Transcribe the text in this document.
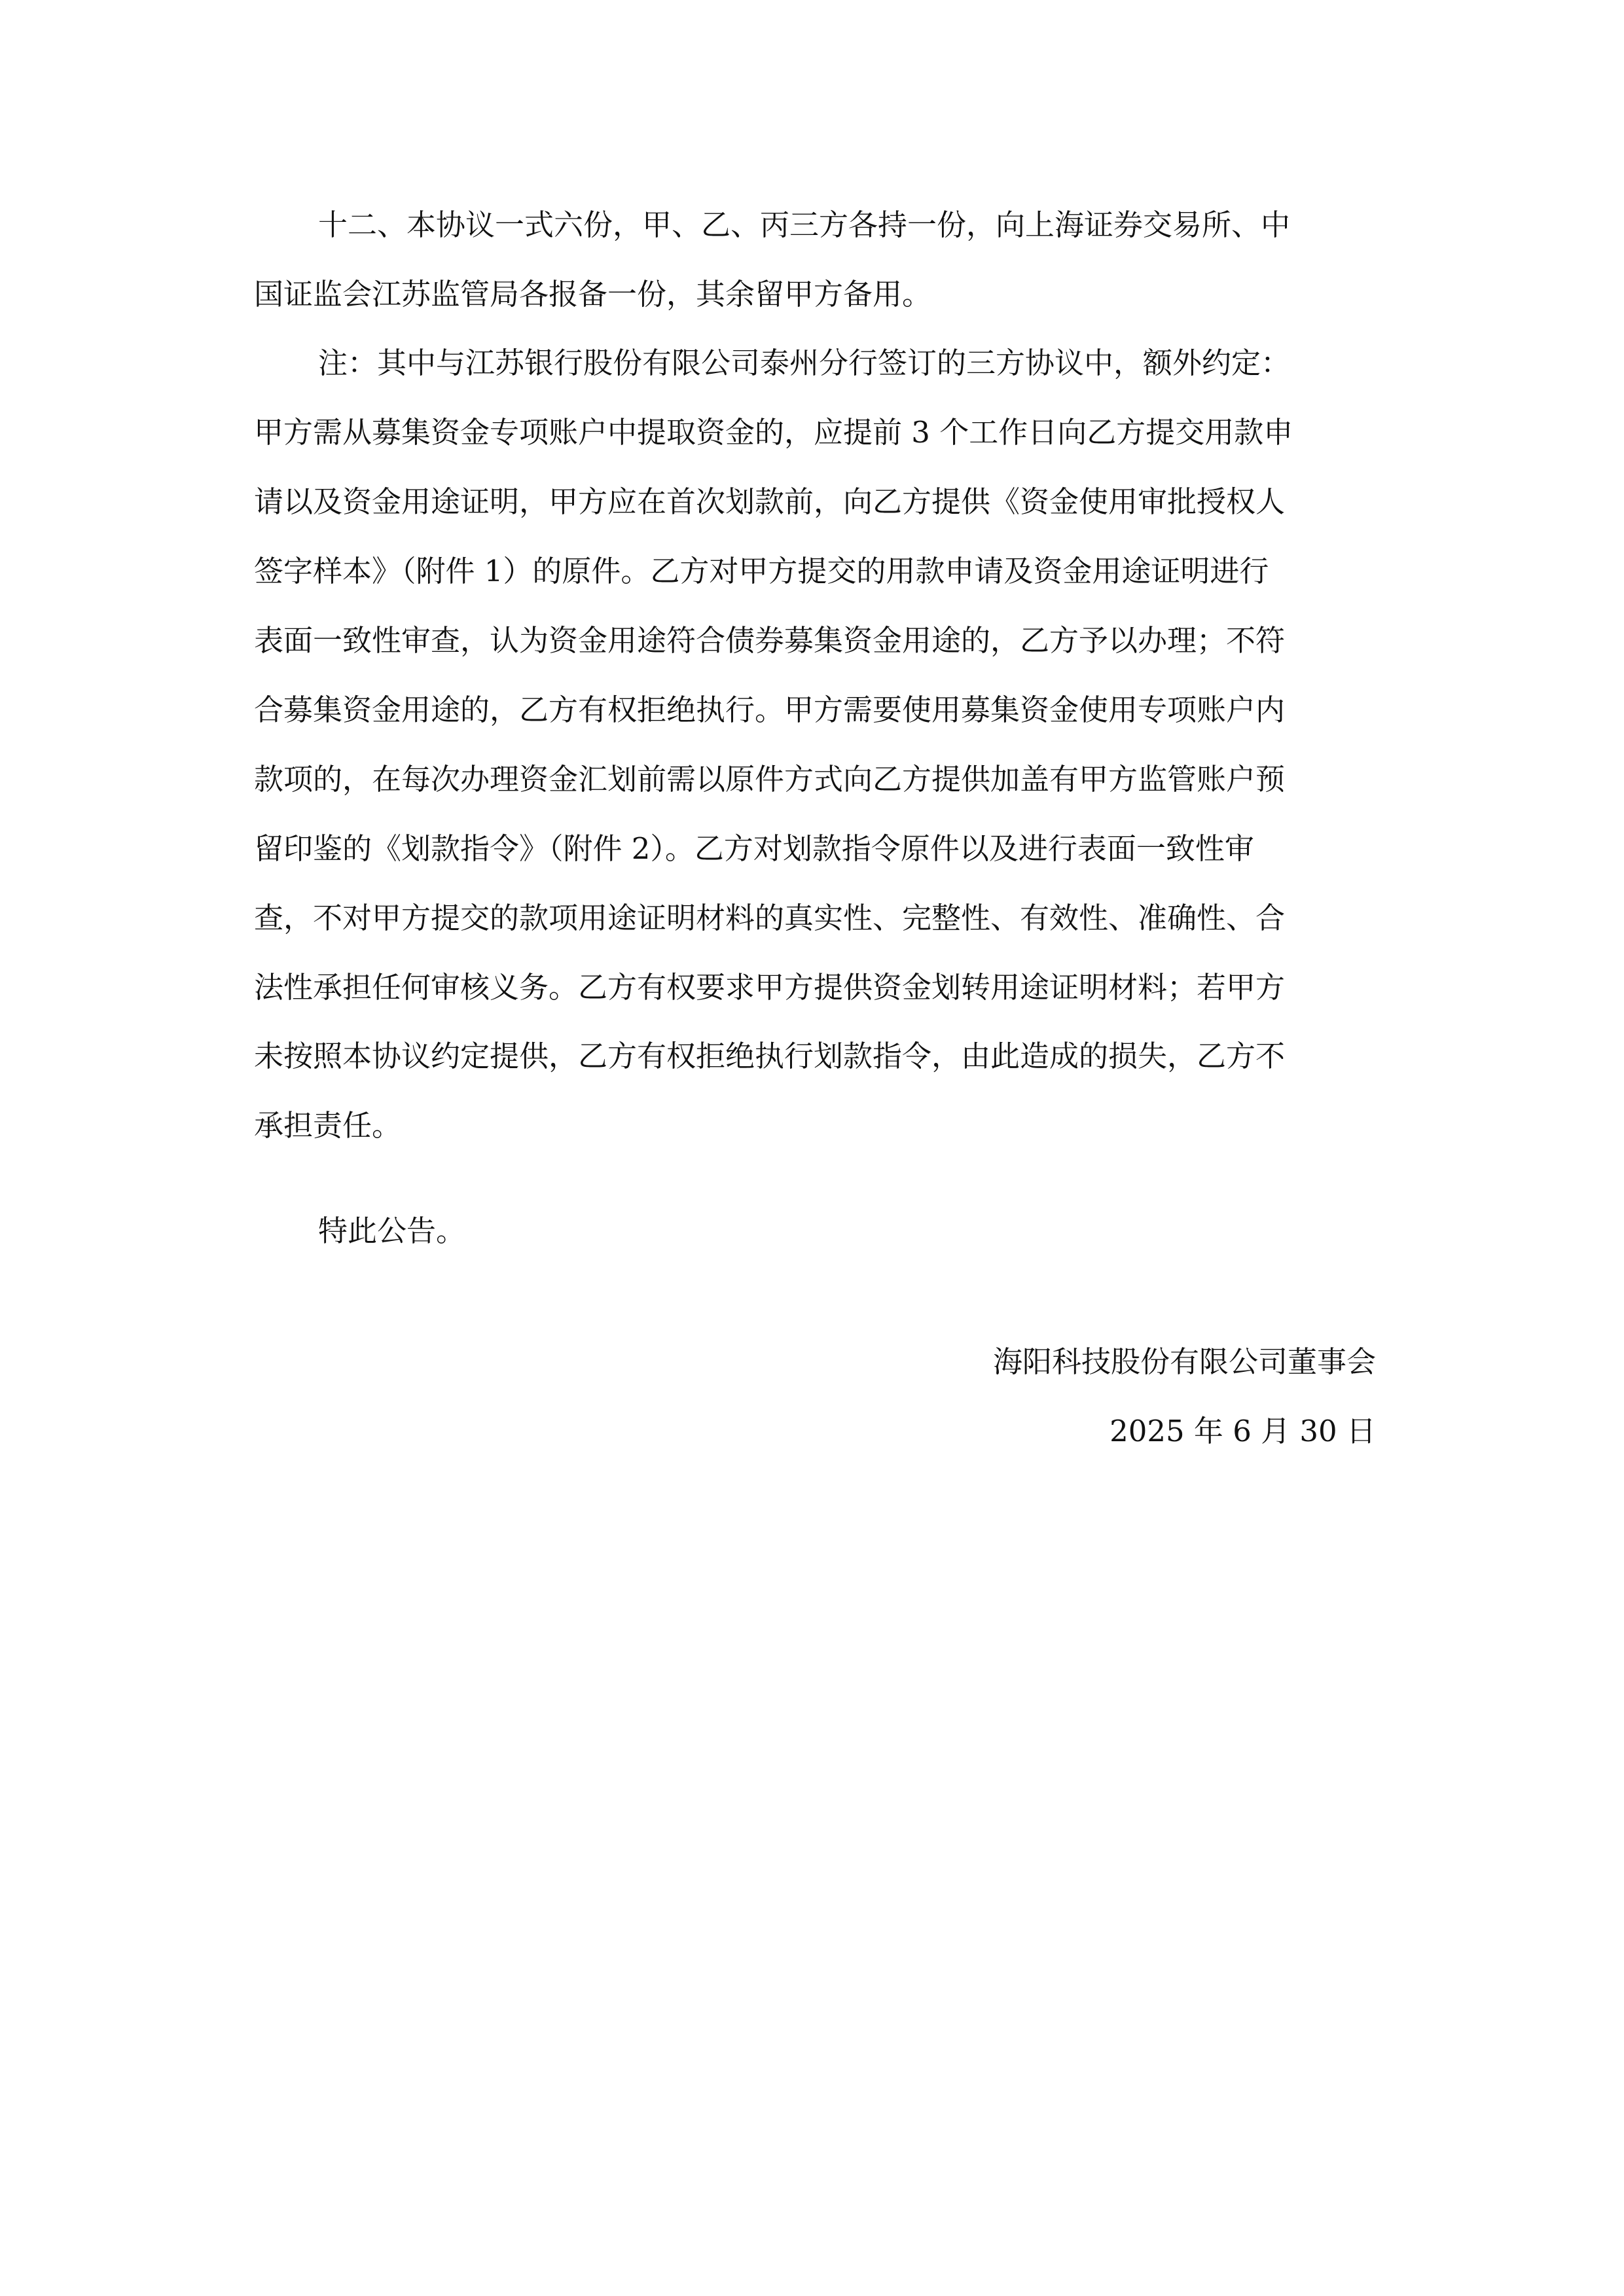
十二、本协议一式六份，甲、乙、丙三方各持一份，向上海证券交易所、中

国证监会江苏监管局各报备一份，其余留甲方备用。

注：其中与江苏银行股份有限公司泰州分行签订的三方协议中，额外约定：

甲方需从募集资金专项账户中提取资金的，应提前 3 个工作日向乙方提交用款申

请以及资金用途证明，甲方应在首次划款前，向乙方提供《资金使用审批授权人

签字样本》（附件 1）的原件。乙方对甲方提交的用款申请及资金用途证明进行

表面一致性审查，认为资金用途符合债券募集资金用途的，乙方予以办理；不符

合募集资金用途的，乙方有权拒绝执行。甲方需要使用募集资金使用专项账户内

款项的，在每次办理资金汇划前需以原件方式向乙方提供加盖有甲方监管账户预

留印鉴的《划款指令》（附件 2）。乙方对划款指令原件以及进行表面一致性审

查，不对甲方提交的款项用途证明材料的真实性、完整性、有效性、准确性、合

法性承担任何审核义务。乙方有权要求甲方提供资金划转用途证明材料；若甲方

未按照本协议约定提供，乙方有权拒绝执行划款指令，由此造成的损失，乙方不

承担责任。

特此公告。

海阳科技股份有限公司董事会

2025 年 6 月 30 日
